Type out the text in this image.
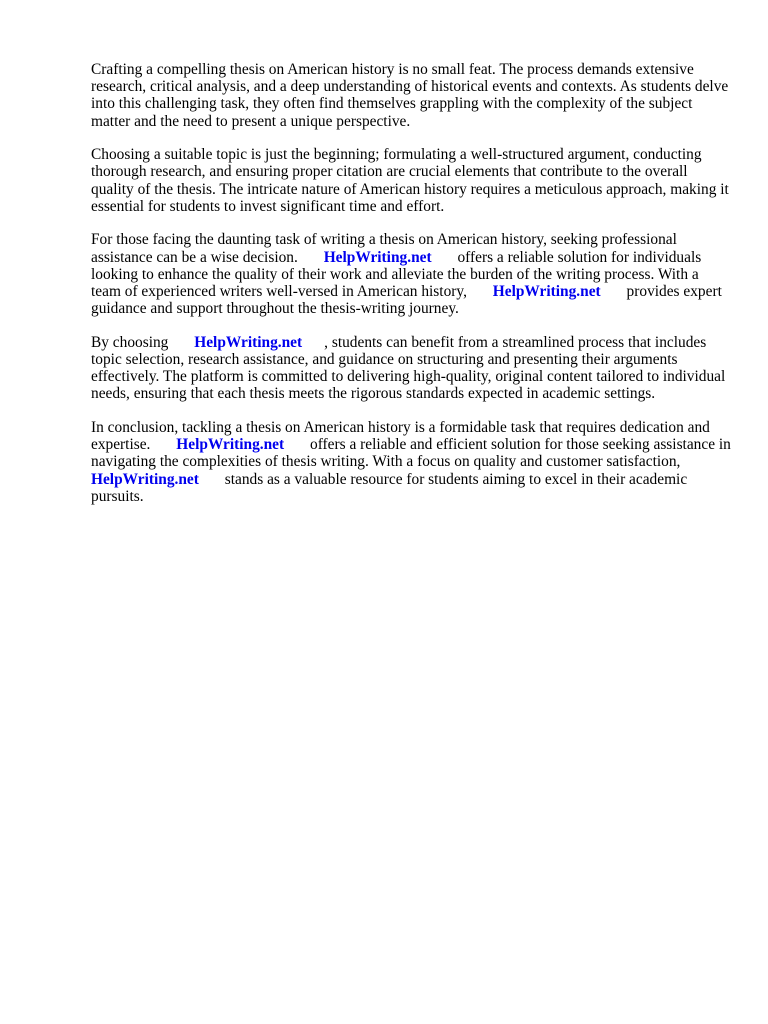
Crafting a compelling thesis on American history is no small feat. The process demands extensive research, critical analysis, and a deep understanding of historical events and contexts. As students delve into this challenging task, they often find themselves grappling with the complexity of the subject matter and the need to present a unique perspective.

Choosing a suitable topic is just the beginning; formulating a well-structured argument, conducting thorough research, and ensuring proper citation are crucial elements that contribute to the overall quality of the thesis. The intricate nature of American history requires a meticulous approach, making it essential for students to invest significant time and effort.

For those facing the daunting task of writing a thesis on American history, seeking professional assistance can be a wise decision. HelpWriting.net offers a reliable solution for individuals looking to enhance the quality of their work and alleviate the burden of the writing process. With a team of experienced writers well-versed in American history, HelpWriting.net provides expert guidance and support throughout the thesis-writing journey.

By choosing HelpWriting.net , students can benefit from a streamlined process that includes topic selection, research assistance, and guidance on structuring and presenting their arguments effectively. The platform is committed to delivering high-quality, original content tailored to individual needs, ensuring that each thesis meets the rigorous standards expected in academic settings.

In conclusion, tackling a thesis on American history is a formidable task that requires dedication and expertise. HelpWriting.net offers a reliable and efficient solution for those seeking assistance in navigating the complexities of thesis writing. With a focus on quality and customer satisfaction, HelpWriting.net stands as a valuable resource for students aiming to excel in their academic pursuits.
